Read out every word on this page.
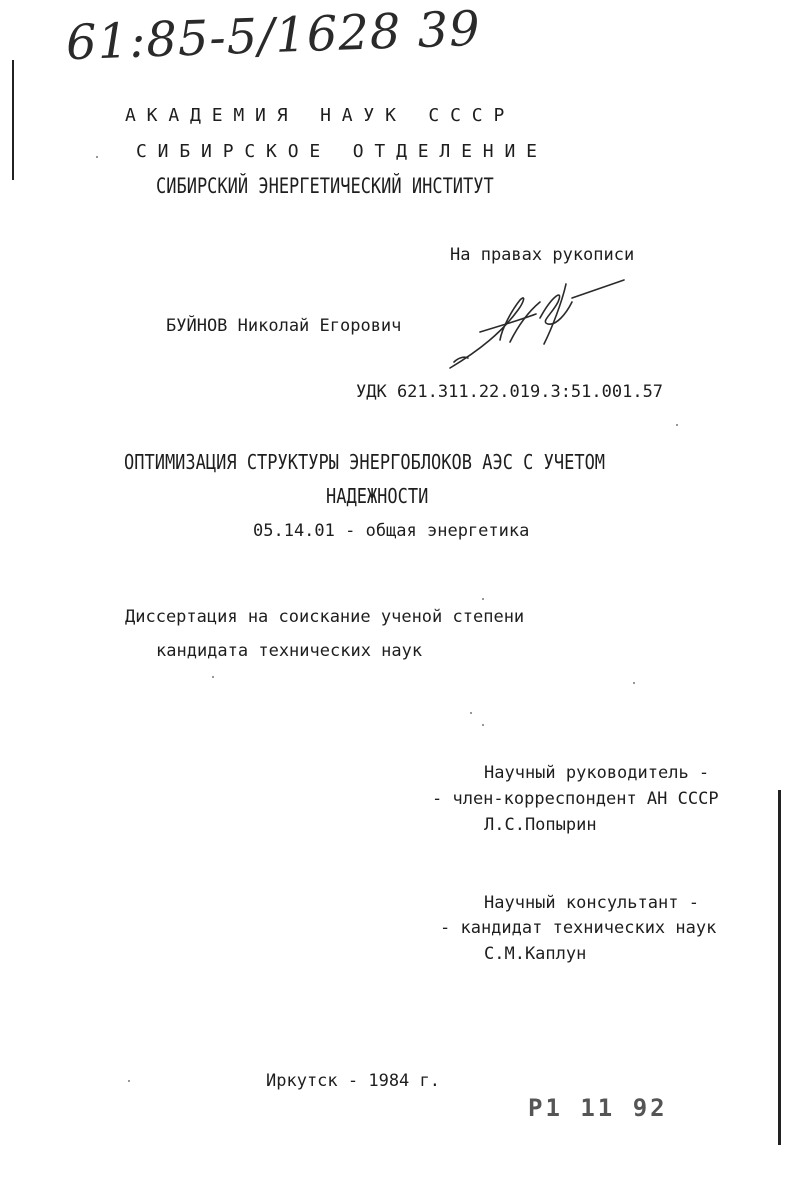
61:85-5/1628 39
А К А Д Е М И Я   Н А У К   С С С Р
С И Б И Р С К О Е   О Т Д Е Л Е Н И Е
СИБИРСКИЙ ЭНЕРГЕТИЧЕСКИЙ ИНСТИТУТ
На правах рукописи
БУЙНОВ Николай Егорович
УДК 621.311.22.019.3:51.001.57
ОПТИМИЗАЦИЯ СТРУКТУРЫ ЭНЕРГОБЛОКОВ АЭС С УЧЕТОМ
НАДЕЖНОСТИ
05.14.01 - общая энергетика
Диссертация на соискание ученой степени
кандидата технических наук
Научный руководитель -
- член-корреспондент АН СССР
Л.С.Попырин
Научный консультант -
- кандидат технических наук
С.М.Каплун
Иркутск - 1984 г.
Р1 11 92
